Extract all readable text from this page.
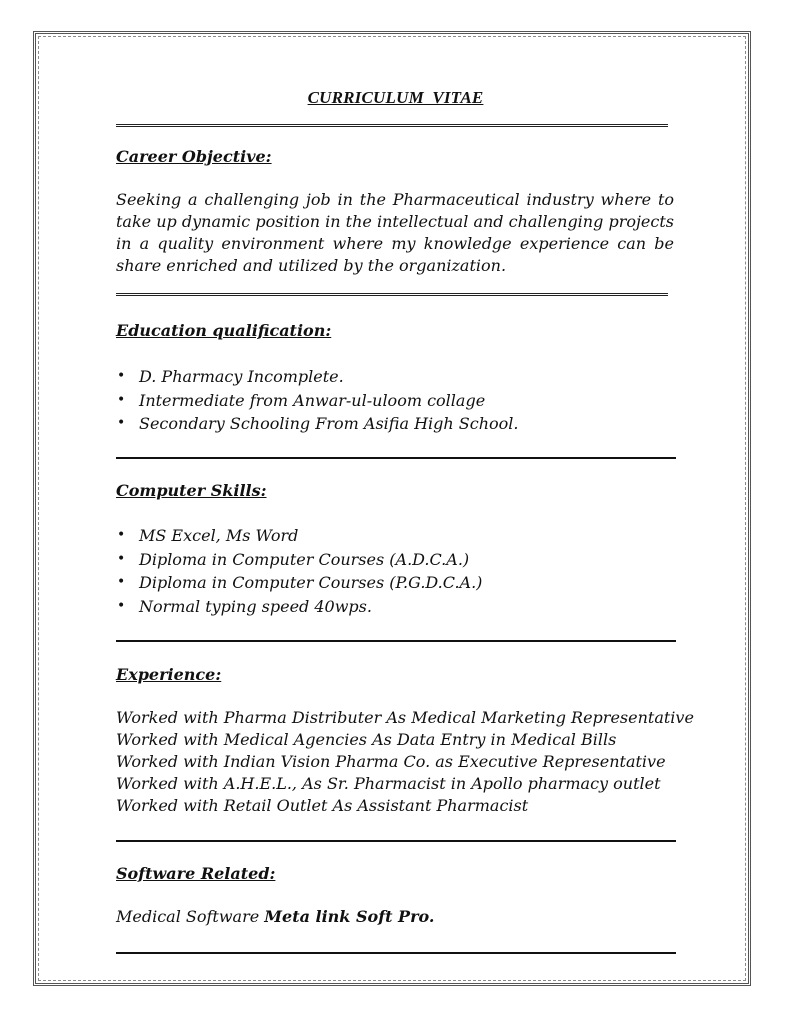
CURRICULUM VITAE
Career Objective:

Seeking a challenging job in the Pharmaceutical industry where to take up dynamic position in the intellectual and challenging projects in a quality environment where my knowledge experience can be share enriched and utilized by the organization.

Education qualification:
• D. Pharmacy Incomplete.
• Intermediate from Anwar-ul-uloom collage
• Secondary Schooling From Asifia High School.
Computer Skills:
• MS Excel, Ms Word
• Diploma in Computer Courses (A.D.C.A.)
• Diploma in Computer Courses (P.G.D.C.A.)
• Normal typing speed 40wps.
Experience:
Worked with Pharma Distributer As Medical Marketing Representative
Worked with Medical Agencies As Data Entry in Medical Bills
Worked with Indian Vision Pharma Co. as Executive Representative
Worked with A.H.E.L., As Sr. Pharmacist in Apollo pharmacy outlet
Worked with Retail Outlet As Assistant Pharmacist
Software Related:
Medical Software Meta link Soft Pro.
